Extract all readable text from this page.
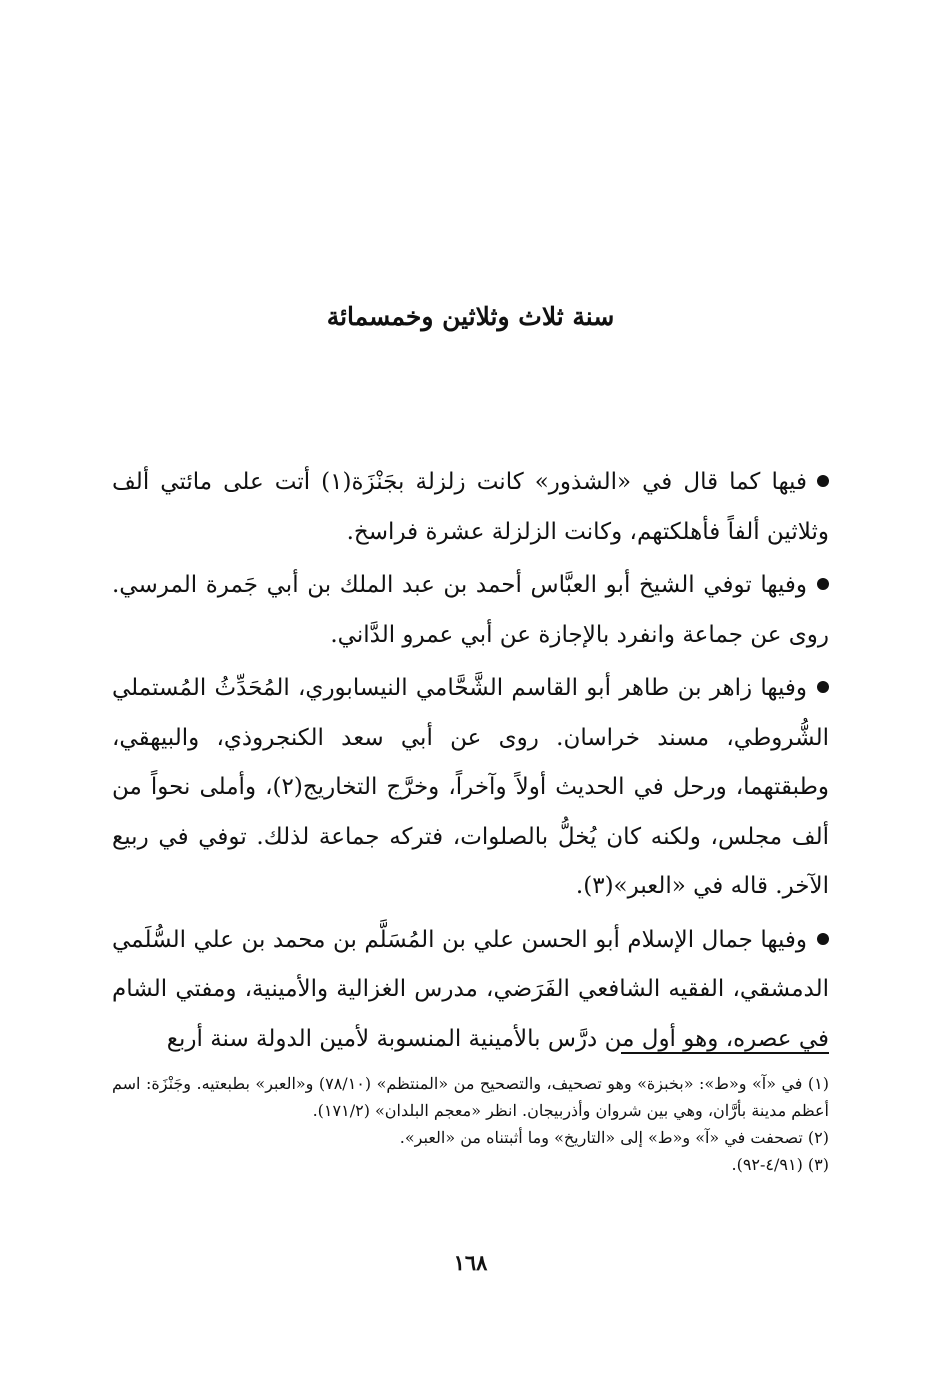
سنة ثلاث وثلاثين وخمسمائة

فيها كما قال في «الشذور» كانت زلزلة بجَنْزَة(١) أتت على مائتي ألف وثلاثين ألفاً فأهلكتهم، وكانت الزلزلة عشرة فراسخ.

وفيها توفي الشيخ أبو العبَّاس أحمد بن عبد الملك بن أبي جَمرة المرسي. روى عن جماعة وانفرد بالإجازة عن أبي عمرو الدَّاني.

وفيها زاهر بن طاهر أبو القاسم الشَّحَّامي النيسابوري، المُحَدِّثُ المُستملي الشُّروطي، مسند خراسان. روى عن أبي سعد الكنجروذي، والبيهقي، وطبقتهما، ورحل في الحديث أولاً وآخراً، وخرَّج التخاريج(٢)، وأملى نحواً من ألف مجلس، ولكنه كان يُخلُّ بالصلوات، فتركه جماعة لذلك. توفي في ربيع الآخر. قاله في «العبر»(٣).

وفيها جمال الإسلام أبو الحسن علي بن المُسَلَّم بن محمد بن علي السُّلَمي الدمشقي، الفقيه الشافعي الفَرَضي، مدرس الغزالية والأمينية، ومفتي الشام في عصره، وهو أول من درَّس بالأمينية المنسوبة لأمين الدولة سنة أربع

(١) في «آ» و«ط»: «بخبزة» وهو تصحيف، والتصحيح من «المنتظم» (٧٨/١٠) و«العبر» بطبعتيه. وجَنْزَة: اسم أعظم مدينة بأرَّان، وهي بين شروان وأذربيجان. انظر «معجم البلدان» (١٧١/٢).

(٢) تصحفت في «آ» و«ط» إلى «التاريخ» وما أثبتناه من «العبر».

(٣) (٤/٩١-٩٢).

١٦٨
